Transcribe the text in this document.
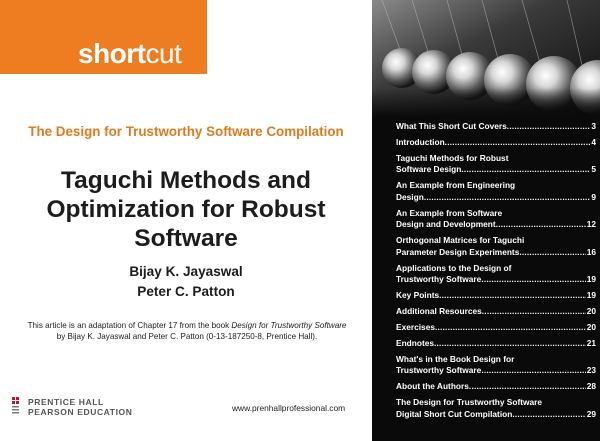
shortcut
The Design for Trustworthy Software Compilation
Taguchi Methods and
Optimization for Robust
Software
Bijay K. Jayaswal
Peter C. Patton
This article is an adaptation of Chapter 17 from the book Design for Trustworthy Software
by Bijay K. Jayaswal and Peter C. Patton (0-13-187250-8, Prentice Hall).
PRENTICE HALL
PEARSON EDUCATION	www.prenhallprofessional.com
What This Short Cut Covers .....	3
Introduction .....	4
Taguchi Methods for Robust
Software Design .....	5
An Example from Engineering
Design .....	9
An Example from Software
Design and Development .....	12
Orthogonal Matrices for Taguchi
Parameter Design Experiments .....	16
Applications to the Design of
Trustworthy Software .....	19
Key Points .....	19
Additional Resources .....	20
Exercises .....	20
Endnotes .....	21
What's in the Book Design for
Trustworthy Software .....	23
About the Authors .....	28
The Design for Trustworthy Software
Digital Short Cut Compilation .....	29
